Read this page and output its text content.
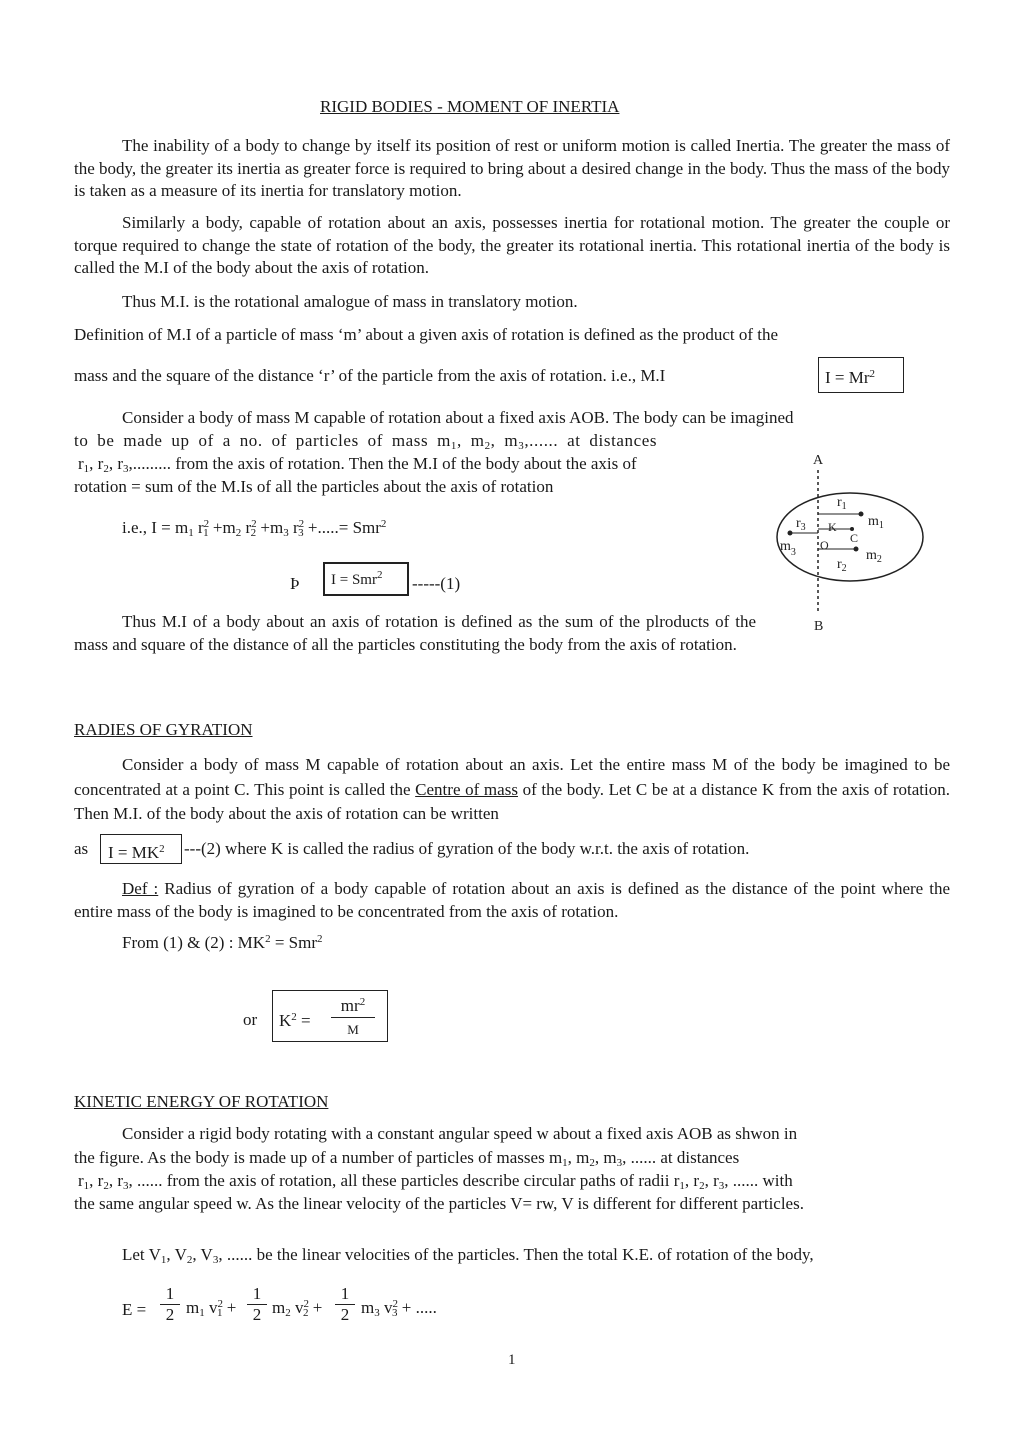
RIGID BODIES - MOMENT OF INERTIA
The inability of a body to change by itself its position of rest or uniform motion is called Inertia. The greater the mass of the body, the greater its inertia as greater force is required to bring about a desired change in the body. Thus the mass of the body is taken as a measure of its inertia for translatory motion.
Similarly a body, capable of rotation about an axis, possesses inertia for rotational motion. The greater the couple or torque required to change the state of rotation of the body, the greater its rotational inertia. This rotational inertia of the body is called the M.I of the body about the axis of rotation.
Thus M.I. is the rotational amalogue of mass in translatory motion.
Definition of M.I of a particle of mass ‘m’ about a given axis of rotation is defined as the product of the
mass and the square of the distance ‘r’ of the particle from the axis of rotation. i.e., M.I	$I = Mr^2$
Consider a body of mass M capable of rotation about a fixed axis AOB. The body can be imagined
to be made up of a no. of particles of mass $m_1$, $m_2$, $m_3$,...... at distances
$r_1$, $r_2$, $r_3$,......... from the axis of rotation. Then the M.I of the body about the axis of
rotation = sum of the M.Is of all the particles about the axis of rotation
i.e., $I = m_1$ $r^2_1 +m_2$ $r^2_2 +m_3$ $r^2_3$ +.....= Smr$^2$
Þ I = Smr$^2$ -----(1)
Thus M.I of a body about an axis of rotation is defined as the sum of the plroducts of the mass and square of the distance of all the particles constituting the body from the axis of rotation.
A
B
$r_1$
$m_1$
$r_3$ K
C
O
$m_3$	$m_2$
$r_2$
RADIES OF GYRATION
Consider a body of mass M capable of rotation about an axis. Let the entire mass M of the body be imagined to be concentrated at a point C. This point is called the Centre of mass of the body. Let C be at a distance K from the axis of rotation. Then M.I. of the body about the axis of rotation can be written
as $I = MK^2$ ---(2) where K is called the radius of gyration of the body w.r.t. the axis of rotation.
Def : Radius of gyration of a body capable of rotation about an axis is defined as the distance of the point where the entire mass of the body is imagined to be concentrated from the axis of rotation.
From (1) & (2) : $MK^2 = Smr^2$
or $K^2$ =
$mr^2$
M
KINETIC ENERGY OF ROTATION
Consider a rigid body rotating with a constant angular speed w about a fixed axis AOB as shwon in
the figure. As the body is made up of a number of particles of masses $m_1$, $m_2$, $m_3$, ...... at distances
$r_1$, $r_2$, $r_3$, ...... from the axis of rotation, all these particles describe circular paths of radii $r_1$, $r_2$, $r_3$, ...... with
the same angular speed w. As the linear velocity of the particles V= rw, V is different for different particles.
Let $V_1$, $V_2$, $V_3$, ...... be the linear velocities of the particles. Then the total K.E. of rotation of the body,
$E = \frac{1}{2} m_1$ $v^2_1 + \frac{1}{2} m_2$ $v^2_2 + \frac{1}{2} m_3$ $v^2_3$ + .....
1
